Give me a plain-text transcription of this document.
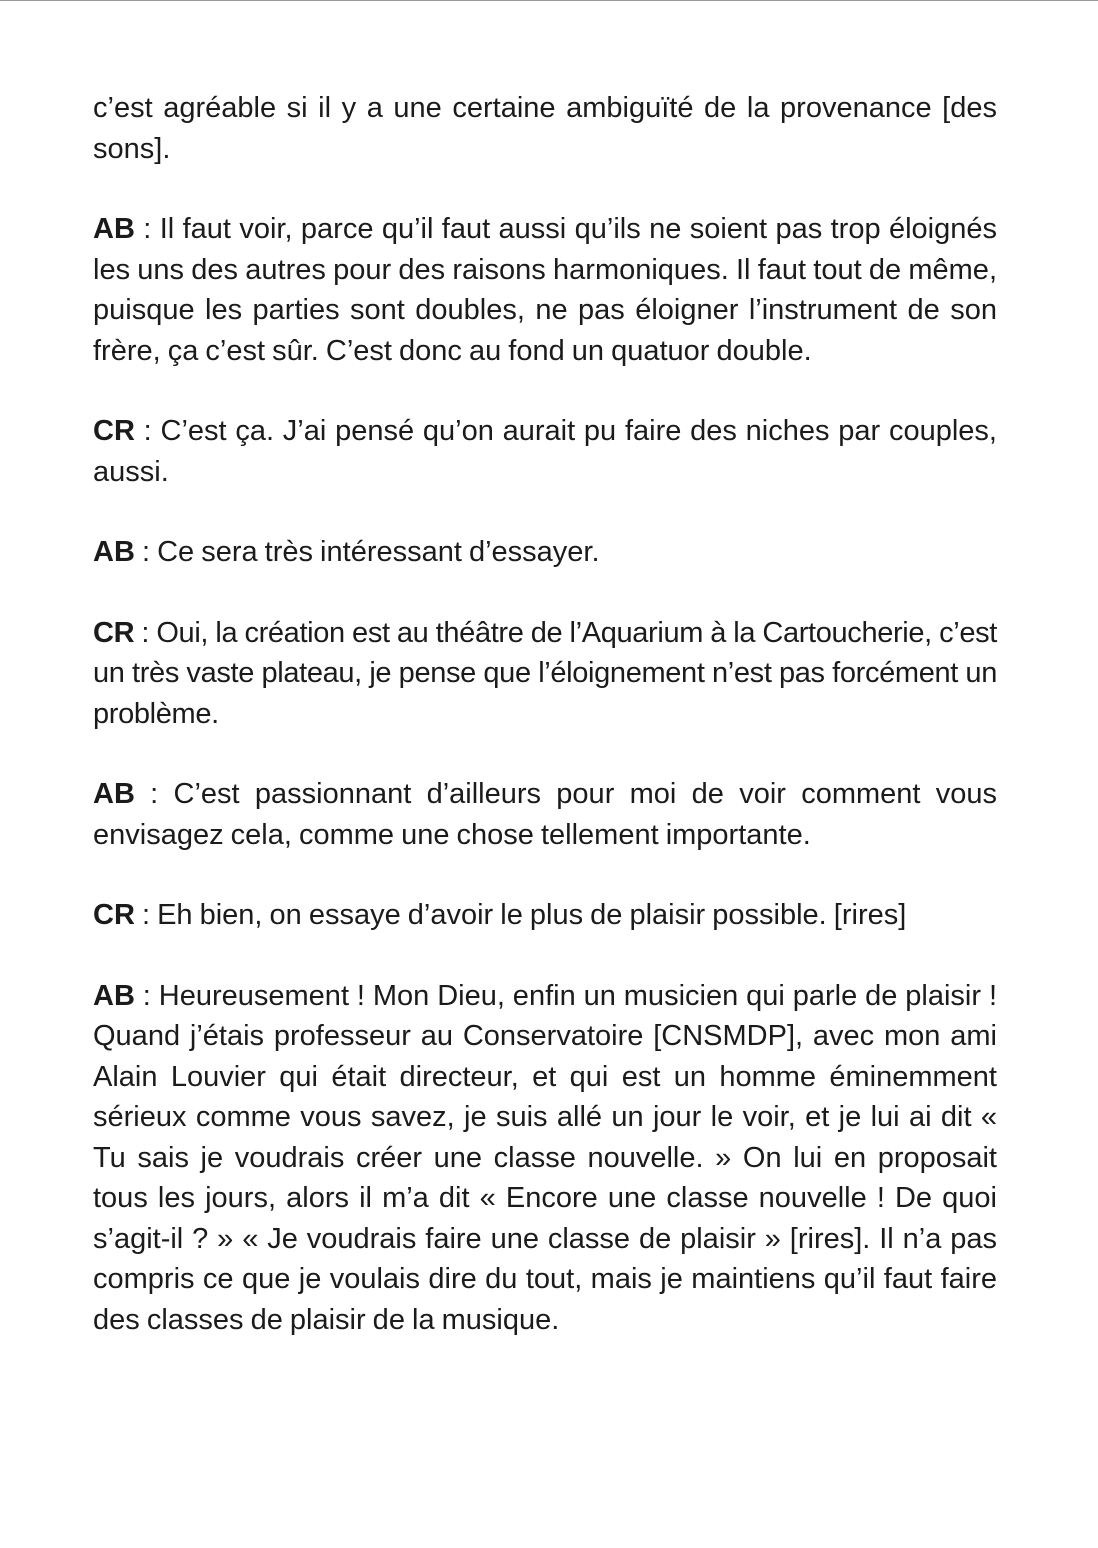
c’est agréable si il y a une certaine ambiguïté de la provenance [des sons].

AB : Il faut voir, parce qu’il faut aussi qu’ils ne soient pas trop éloignés les uns des autres pour des raisons harmoniques. Il faut tout de même, puisque les parties sont doubles, ne pas éloigner l’instrument de son frère, ça c’est sûr. C’est donc au fond un quatuor double.

CR : C’est ça. J’ai pensé qu’on aurait pu faire des niches par couples, aussi.

AB : Ce sera très intéressant d’essayer.

CR : Oui, la création est au théâtre de l’Aquarium à la Cartoucherie, c’est un très vaste plateau, je pense que l’éloignement n’est pas forcément un problème.

AB : C’est passionnant d’ailleurs pour moi de voir comment vous envisagez cela, comme une chose tellement importante.

CR : Eh bien, on essaye d’avoir le plus de plaisir possible. [rires]

AB : Heureusement ! Mon Dieu, enfin un musicien qui parle de plaisir ! Quand j’étais professeur au Conservatoire [CNSMDP], avec mon ami Alain Louvier qui était directeur, et qui est un homme éminemment sérieux comme vous savez, je suis allé un jour le voir, et je lui ai dit « Tu sais je voudrais créer une classe nouvelle. » On lui en proposait tous les jours, alors il m’a dit « Encore une classe nouvelle ! De quoi s’agit-il ? » « Je voudrais faire une classe de plaisir » [rires]. Il n’a pas compris ce que je voulais dire du tout, mais je maintiens qu’il faut faire des classes de plaisir de la musique.
